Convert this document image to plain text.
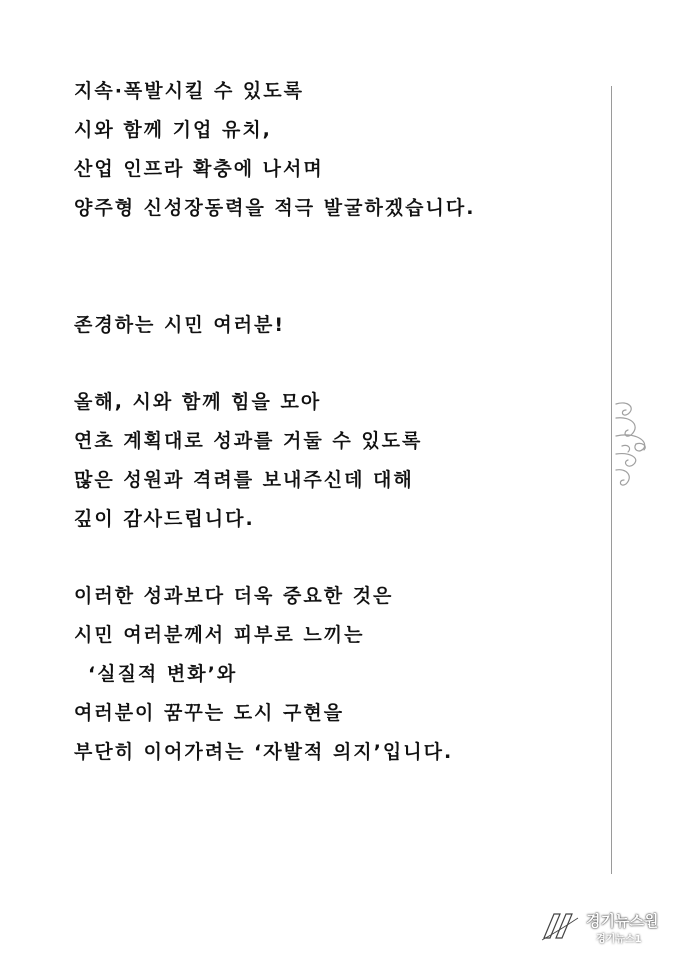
지속·폭발시킬 수 있도록
시와 함께 기업 유치,
산업 인프라 확충에 나서며
양주형 신성장동력을 적극 발굴하겠습니다.
존경하는 시민 여러분!
올해, 시와 함께 힘을 모아
연초 계획대로 성과를 거둘 수 있도록
많은 성원과 격려를 보내주신데 대해
깊이 감사드립니다.
이러한 성과보다 더욱 중요한 것은
시민 여러분께서 피부로 느끼는
‘실질적 변화’와
여러분이 꿈꾸는 도시 구현을
부단히 이어가려는 ‘자발적 의지’입니다.
경기뉴스원
경기뉴스1
